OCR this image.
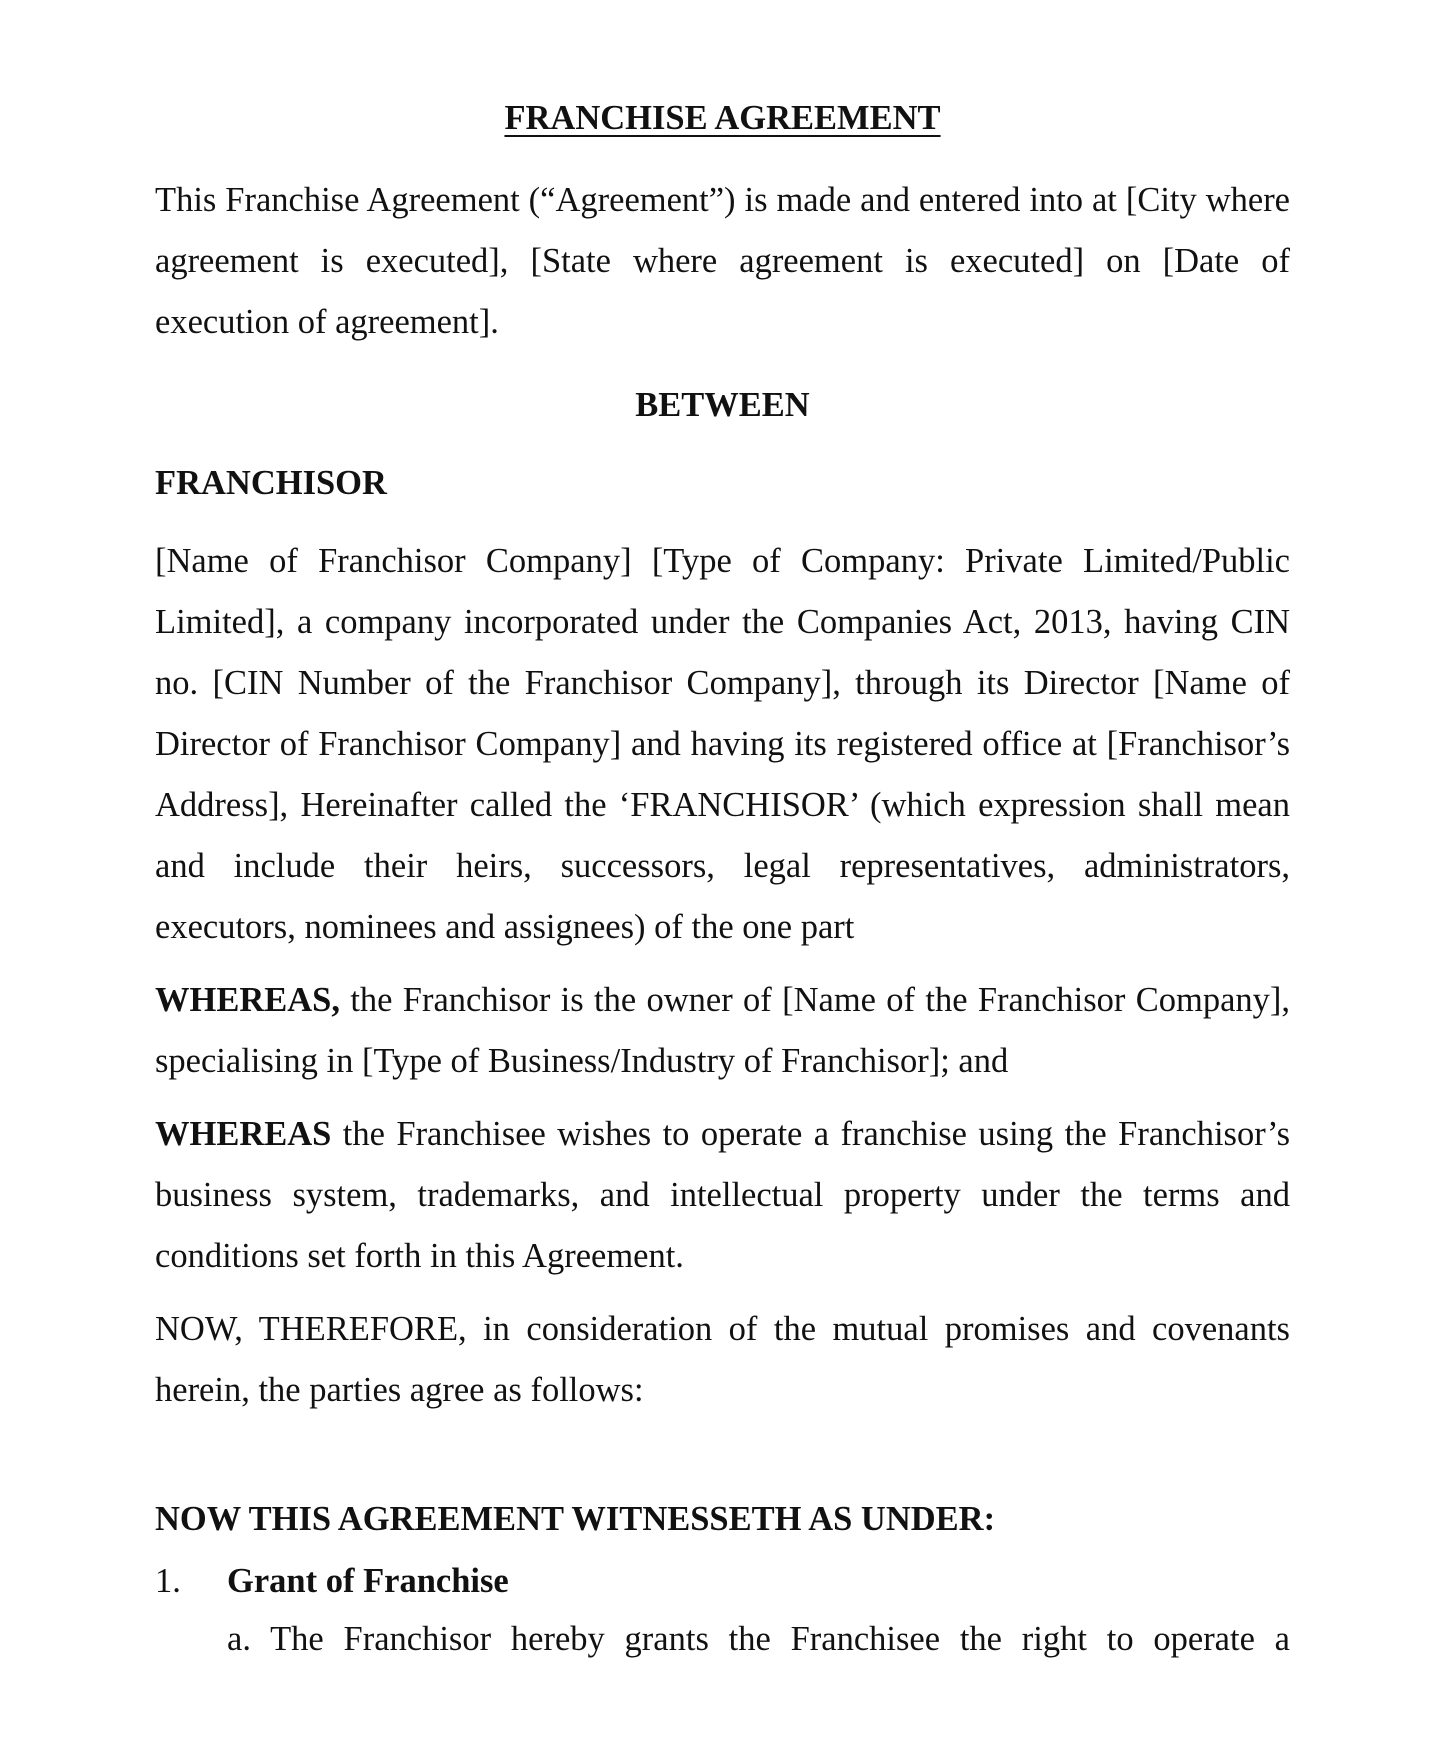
FRANCHISE AGREEMENT

This Franchise Agreement (“Agreement”) is made and entered into at [City where agreement is executed], [State where agreement is executed] on [Date of execution of agreement].

BETWEEN

FRANCHISOR

[Name of Franchisor Company] [Type of Company: Private Limited/Public Limited], a company incorporated under the Companies Act, 2013, having CIN no. [CIN Number of the Franchisor Company], through its Director [Name of Director of Franchisor Company] and having its registered office at [Franchisor’s Address], Hereinafter called the ‘FRANCHISOR’ (which expression shall mean and include their heirs, successors, legal representatives, administrators, executors, nominees and assignees) of the one part

WHEREAS, the Franchisor is the owner of [Name of the Franchisor Company], specialising in [Type of Business/Industry of Franchisor]; and

WHEREAS the Franchisee wishes to operate a franchise using the Franchisor’s business system, trademarks, and intellectual property under the terms and conditions set forth in this Agreement.

NOW, THEREFORE, in consideration of the mutual promises and covenants herein, the parties agree as follows:

NOW THIS AGREEMENT WITNESSETH AS UNDER:

1. Grant of Franchise

a. The Franchisor hereby grants the Franchisee the right to operate a
